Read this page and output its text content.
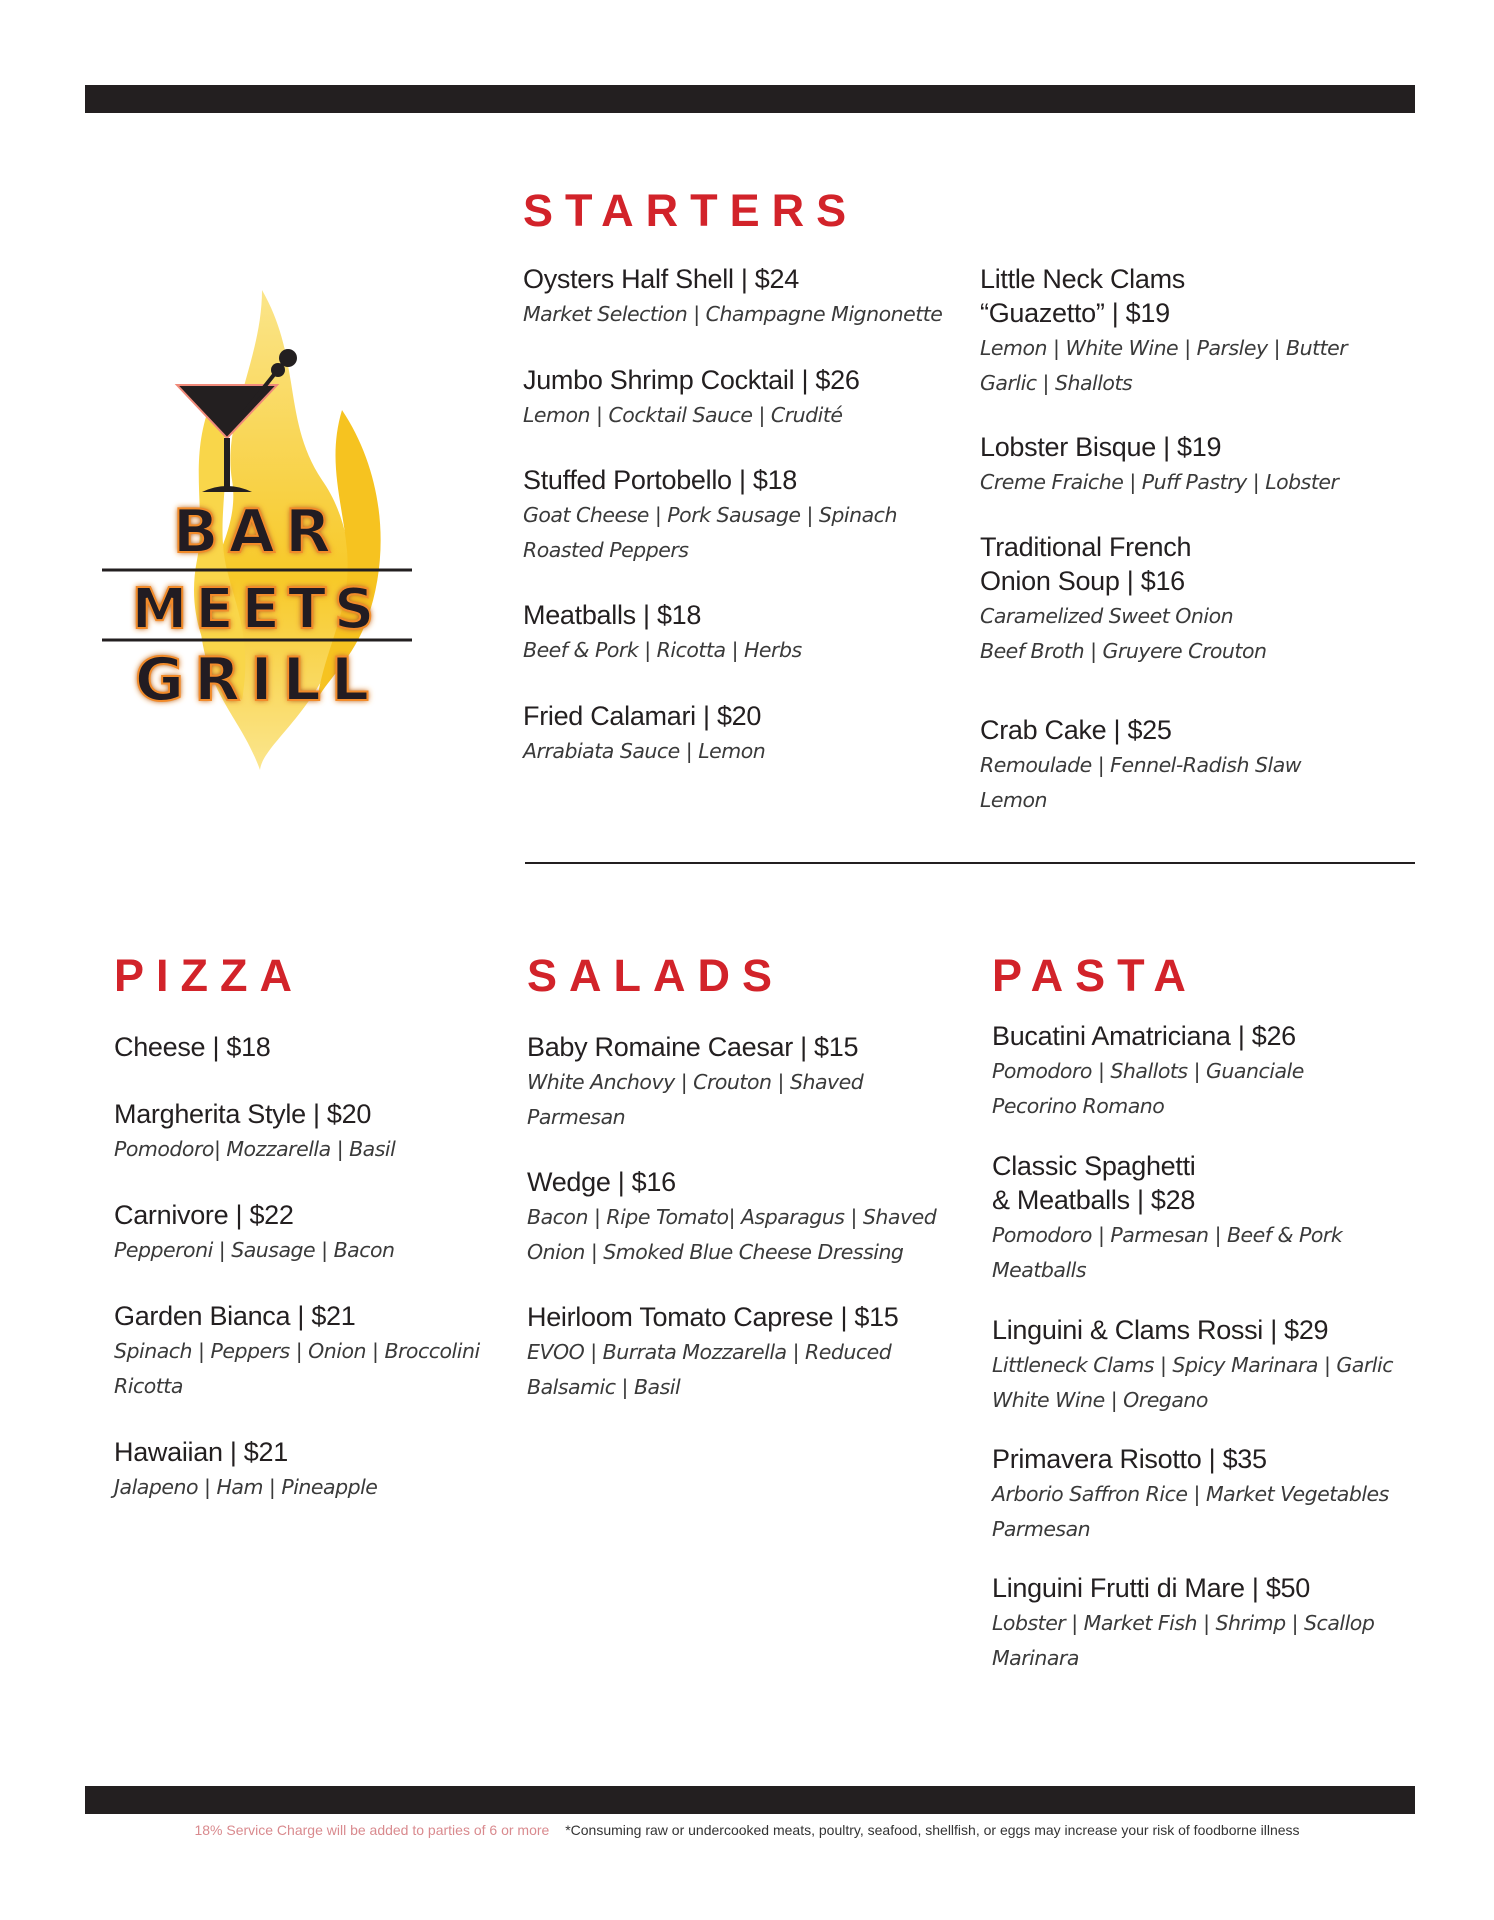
BAR
MEETS
GRILL
STARTERS
Oysters Half Shell | $24
Market Selection | Champagne Mignonette
Jumbo Shrimp Cocktail | $26
Lemon | Cocktail Sauce | Crudité
Stuffed Portobello | $18
Goat Cheese | Pork Sausage | Spinach
Roasted Peppers
Meatballs | $18
Beef & Pork | Ricotta | Herbs
Fried Calamari | $20
Arrabiata Sauce | Lemon
Little Neck Clams
“Guazetto” | $19
Lemon | White Wine | Parsley | Butter
Garlic | Shallots
Lobster Bisque | $19
Creme Fraiche | Puff Pastry | Lobster
Traditional French
Onion Soup | $16
Caramelized Sweet Onion
Beef Broth | Gruyere Crouton
Crab Cake | $25
Remoulade | Fennel-Radish Slaw
Lemon
PIZZA
Cheese | $18
Margherita Style | $20
Pomodoro| Mozzarella | Basil
Carnivore | $22
Pepperoni | Sausage | Bacon
Garden Bianca | $21
Spinach | Peppers | Onion | Broccolini
Ricotta
Hawaiian | $21
Jalapeno | Ham | Pineapple
SALADS
Baby Romaine Caesar | $15
White Anchovy | Crouton | Shaved
Parmesan
Wedge | $16
Bacon | Ripe Tomato| Asparagus | Shaved
Onion | Smoked Blue Cheese Dressing
Heirloom Tomato Caprese | $15
EVOO | Burrata Mozzarella | Reduced
Balsamic | Basil
PASTA
Bucatini Amatriciana | $26
Pomodoro | Shallots | Guanciale
Pecorino Romano
Classic Spaghetti
& Meatballs | $28
Pomodoro | Parmesan | Beef & Pork
Meatballs
Linguini & Clams Rossi | $29
Littleneck Clams | Spicy Marinara | Garlic
White Wine | Oregano
Primavera Risotto | $35
Arborio Saffron Rice | Market Vegetables
Parmesan
Linguini Frutti di Mare | $50
Lobster | Market Fish | Shrimp | Scallop
Marinara
18% Service Charge will be added to parties of 6 or more *Consuming raw or undercooked meats, poultry, seafood, shellfish, or eggs may increase your risk of foodborne illness
